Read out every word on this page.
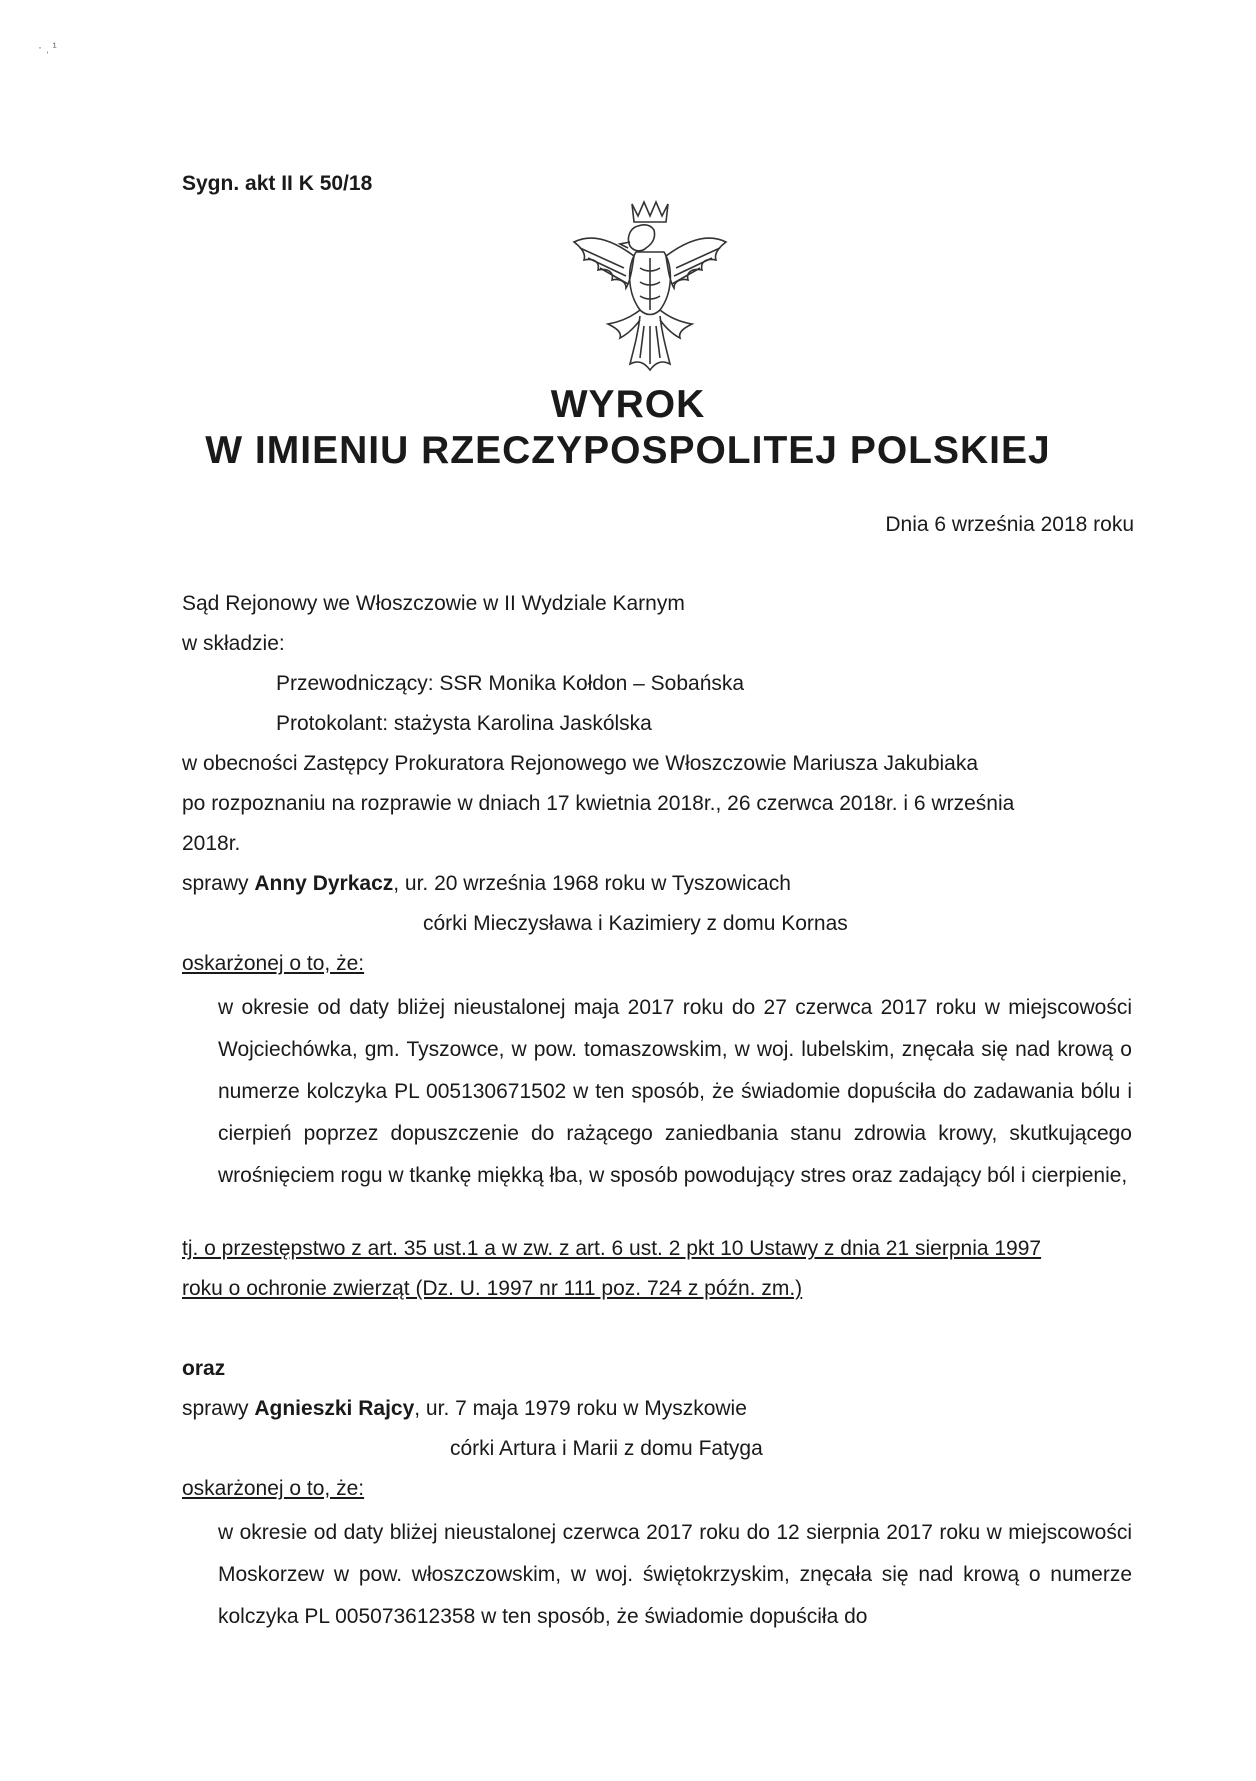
· ˌ ¹
Sygn. akt II K 50/18
WYROK
W IMIENIU RZECZYPOSPOLITEJ POLSKIEJ
Dnia 6 września 2018 roku
Sąd Rejonowy we Włoszczowie w II Wydziale Karnym
w składzie:
Przewodniczący: SSR Monika Kołdon – Sobańska
Protokolant: stażysta Karolina Jaskólska
w obecności Zastępcy Prokuratora Rejonowego we Włoszczowie Mariusza Jakubiaka
po rozpoznaniu na rozprawie w dniach 17 kwietnia 2018r., 26 czerwca 2018r. i 6 września
2018r.
sprawy Anny Dyrkacz, ur. 20 września 1968 roku w Tyszowicach
córki Mieczysława i Kazimiery z domu Kornas
oskarżonej o to, że:
w okresie od daty bliżej nieustalonej maja 2017 roku do 27 czerwca 2017 roku w miejscowości Wojciechówka, gm. Tyszowce, w pow. tomaszowskim, w woj. lubelskim, znęcała się nad krową o numerze kolczyka PL 005130671502 w ten sposób, że świadomie dopuściła do zadawania bólu i cierpień poprzez dopuszczenie do rażącego zaniedbania stanu zdrowia krowy, skutkującego wrośnięciem rogu w tkankę miękką łba, w sposób powodujący stres oraz zadający ból i cierpienie,
tj. o przestępstwo z art. 35 ust.1 a w zw. z art. 6 ust. 2 pkt 10 Ustawy z dnia 21 sierpnia 1997
roku o ochronie zwierząt (Dz. U. 1997 nr 111 poz. 724 z późn. zm.)
oraz
sprawy Agnieszki Rajcy, ur. 7 maja 1979 roku w Myszkowie
córki Artura i Marii z domu Fatyga
oskarżonej o to, że:
w okresie od daty bliżej nieustalonej czerwca 2017 roku do 12 sierpnia 2017 roku w miejscowości Moskorzew w pow. włoszczowskim, w woj. świętokrzyskim, znęcała się nad krową o numerze kolczyka PL 005073612358 w ten sposób, że świadomie dopuściła do
